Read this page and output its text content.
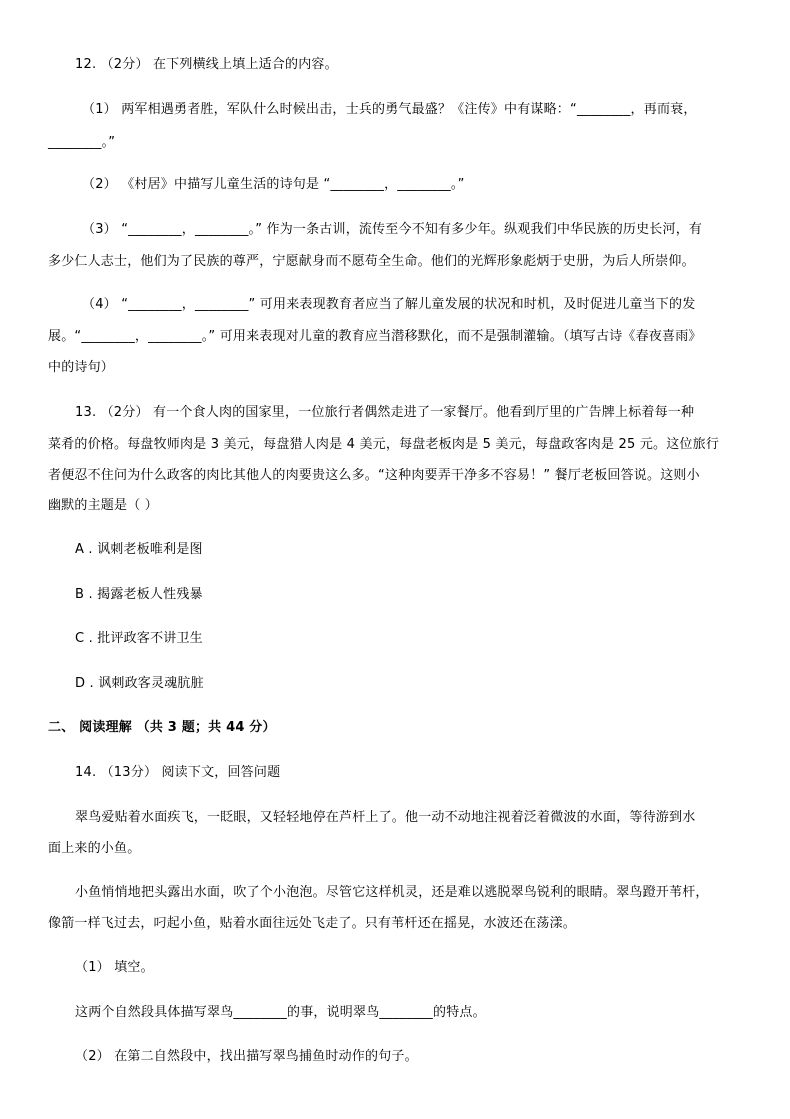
12. （2分） 在下列横线上填上适合的内容。
（1） 两军相遇勇者胜，军队什么时候出击，士兵的勇气最盛？《注传》中有谋略：“________，再而衰，
________。”
（2） 《村居》中描写儿童生活的诗句是 “________，________。”
（3） “________，________。” 作为一条古训，流传至今不知有多少年。纵观我们中华民族的历史长河，有
多少仁人志士，他们为了民族的尊严，宁愿献身而不愿苟全生命。他们的光辉形象彪炳于史册，为后人所崇仰。
（4） “________，________” 可用来表现教育者应当了解儿童发展的状况和时机，及时促进儿童当下的发
展。“________，________。” 可用来表现对儿童的教育应当潜移默化，而不是强制灌输。（填写古诗《春夜喜雨》
中的诗句）
13. （2分） 有一个食人肉的国家里，一位旅行者偶然走进了一家餐厅。他看到厅里的广告牌上标着每一种
菜肴的价格。每盘牧师肉是 3 美元，每盘猎人肉是 4 美元，每盘老板肉是 5 美元，每盘政客肉是 25 元。这位旅行
者便忍不住问为什么政客的肉比其他人的肉要贵这么多。“这种肉要弄干净多不容易！” 餐厅老板回答说。这则小
幽默的主题是（ ）
A . 讽刺老板唯利是图
B . 揭露老板人性残暴
C . 批评政客不讲卫生
D . 讽刺政客灵魂肮脏
二、 阅读理解 （共 3 题；共 44 分）
14. （13分） 阅读下文，回答问题
翠鸟爱贴着水面疾飞，一眨眼，又轻轻地停在芦杆上了。他一动不动地注视着泛着微波的水面，等待游到水
面上来的小鱼。
小鱼悄悄地把头露出水面，吹了个小泡泡。尽管它这样机灵，还是难以逃脱翠鸟锐利的眼睛。翠鸟蹬开苇杆，
像箭一样飞过去，叼起小鱼，贴着水面往远处飞走了。只有苇杆还在摇晃，水波还在荡漾。
（1） 填空。
这两个自然段具体描写翠鸟________的事，说明翠鸟________的特点。
（2） 在第二自然段中，找出描写翠鸟捕鱼时动作的句子。
